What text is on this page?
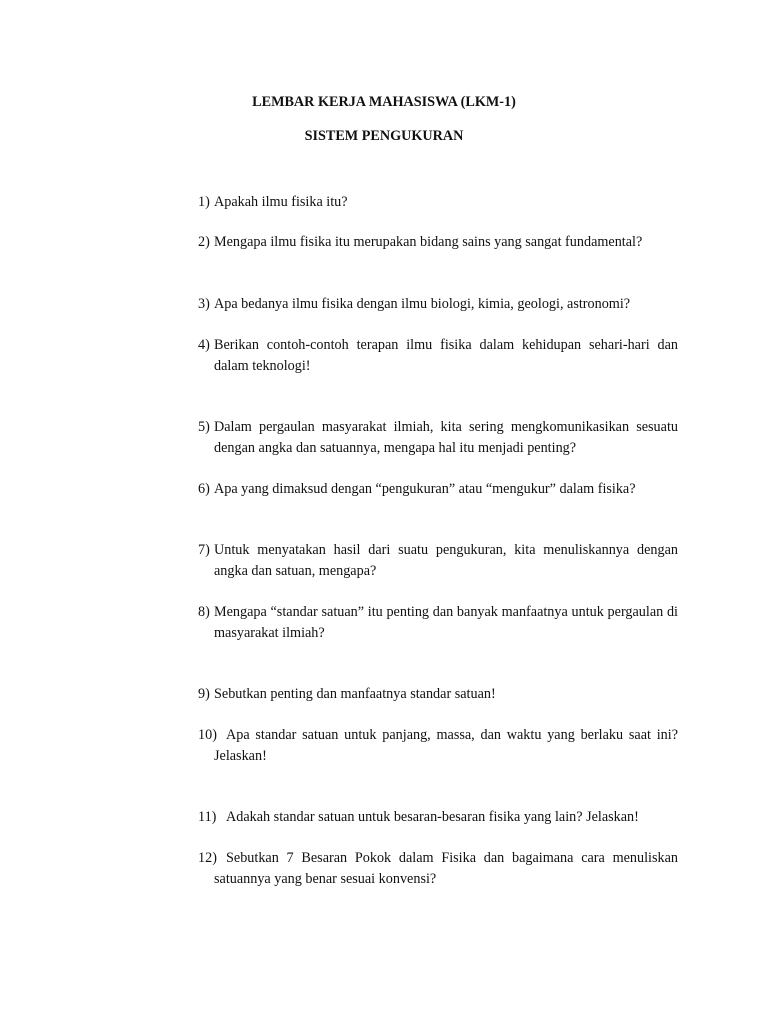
LEMBAR KERJA MAHASISWA (LKM-1)
SISTEM PENGUKURAN
1) Apakah ilmu fisika itu?
2) Mengapa ilmu fisika itu merupakan bidang sains yang sangat fundamental?
3) Apa bedanya ilmu fisika dengan ilmu biologi, kimia, geologi, astronomi?
4) Berikan contoh-contoh terapan ilmu fisika dalam kehidupan sehari-hari dan dalam teknologi!
5) Dalam pergaulan masyarakat ilmiah, kita sering mengkomunikasikan sesuatu dengan angka dan satuannya, mengapa hal itu menjadi penting?
6) Apa yang dimaksud dengan “pengukuran” atau “mengukur” dalam fisika?
7) Untuk menyatakan hasil dari suatu pengukuran, kita menuliskannya dengan angka dan satuan, mengapa?
8) Mengapa “standar satuan” itu penting dan banyak manfaatnya untuk pergaulan di masyarakat ilmiah?
9) Sebutkan penting dan manfaatnya standar satuan!
10) Apa standar satuan untuk panjang, massa, dan waktu yang berlaku saat ini? Jelaskan!
11) Adakah standar satuan untuk besaran-besaran fisika yang lain? Jelaskan!
12) Sebutkan 7 Besaran Pokok dalam Fisika dan bagaimana cara menuliskan satuannya yang benar sesuai konvensi?
